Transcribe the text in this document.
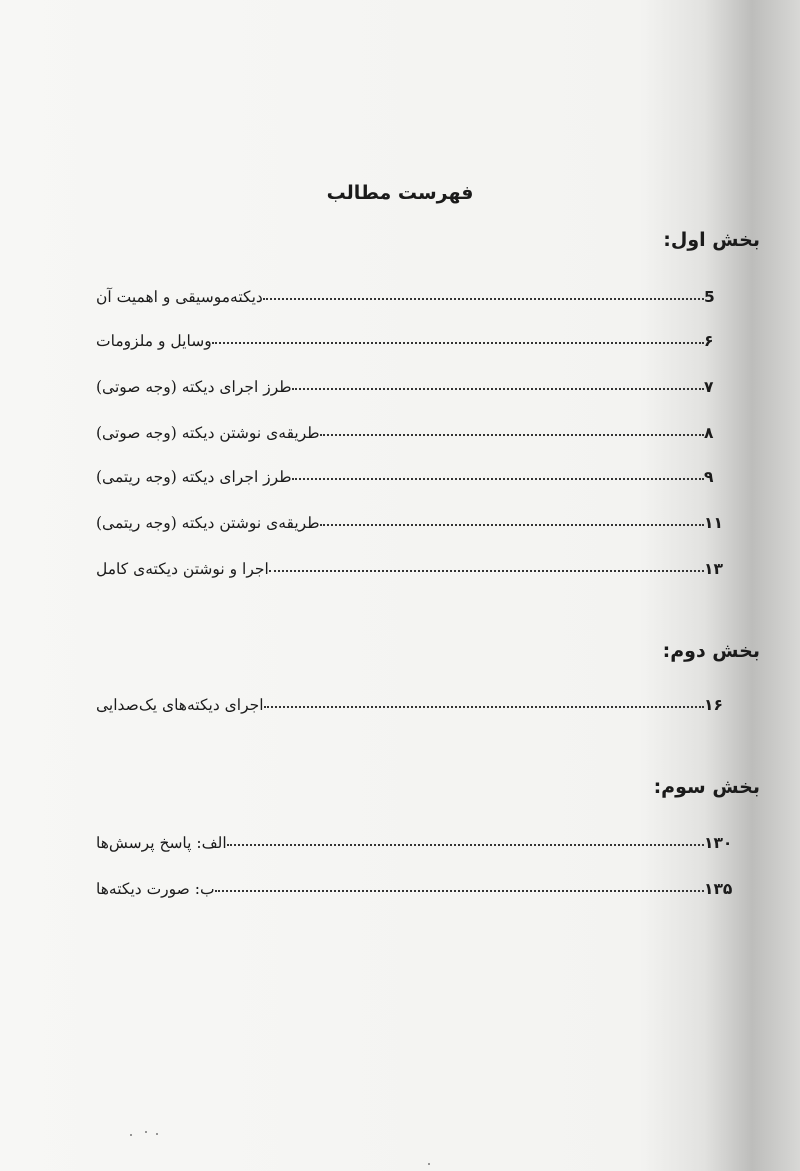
فهرست مطالب
بخش اول:
دیکته‌موسیقی و اهمیت آن	5
وسایل و ملزومات	۶
طرز اجرای دیکته (وجه صوتی)	۷
طریقه‌ی نوشتن دیکته (وجه صوتی)	۸
طرز اجرای دیکته (وجه ریتمی)	۹
طریقه‌ی نوشتن دیکته (وجه ریتمی)	۱۱
اجرا و نوشتن دیکته‌ی کامل	۱۳
بخش دوم:
اجرای دیکته‌های یک‌صدایی	۱۶
بخش سوم:
الف: پاسخ پرسش‌ها	۱۳۰
ب: صورت دیکته‌ها	۱۳۵
